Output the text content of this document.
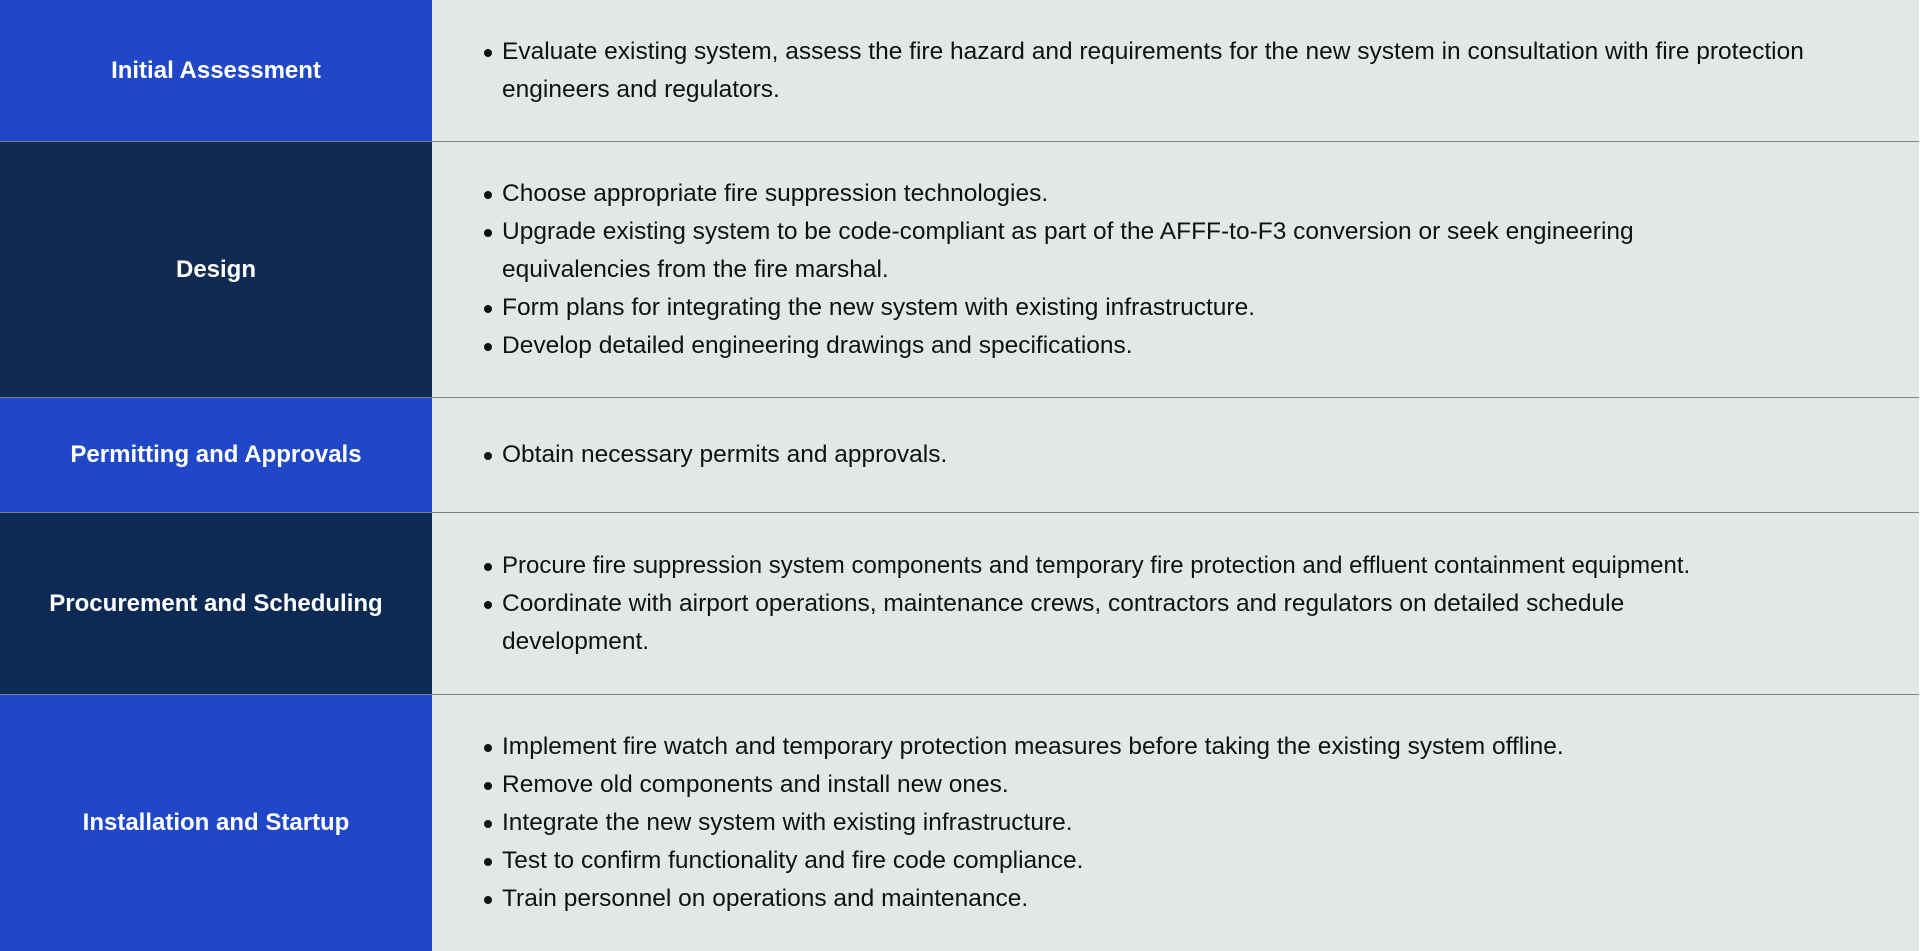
Initial Assessment
Evaluate existing system, assess the fire hazard and requirements for the new system in consultation with fire protection engineers and regulators.
Design
Choose appropriate fire suppression technologies.
Upgrade existing system to be code-compliant as part of the AFFF-to-F3 conversion or seek engineering equivalencies from the fire marshal.
Form plans for integrating the new system with existing infrastructure.
Develop detailed engineering drawings and specifications.
Permitting and Approvals	Obtain necessary permits and approvals.
Procurement and Scheduling
Procure fire suppression system components and temporary fire protection and effluent containment equipment.
Coordinate with airport operations, maintenance crews, contractors and regulators on detailed schedule development.
Installation and Startup
Implement fire watch and temporary protection measures before taking the existing system offline.
Remove old components and install new ones.
Integrate the new system with existing infrastructure.
Test to confirm functionality and fire code compliance.
Train personnel on operations and maintenance.
